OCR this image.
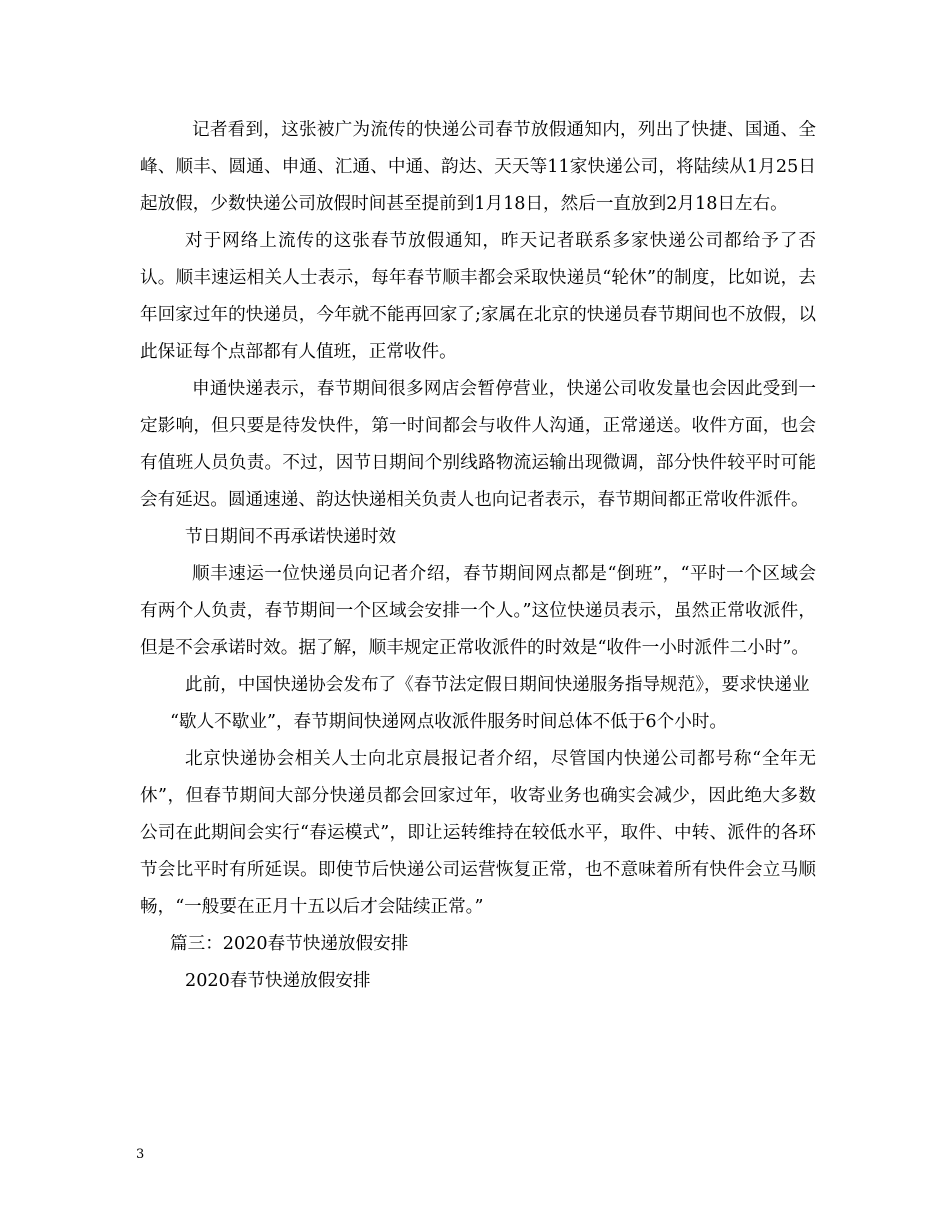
记者看到，这张被广为流传的快递公司春节放假通知内，列出了快捷、国通、全峰、顺丰、圆通、申通、汇通、中通、韵达、天天等11家快递公司，将陆续从1月25日起放假，少数快递公司放假时间甚至提前到1月18日，然后一直放到2月18日左右。

对于网络上流传的这张春节放假通知，昨天记者联系多家快递公司都给予了否认。顺丰速运相关人士表示，每年春节顺丰都会采取快递员“轮休”的制度，比如说，去年回家过年的快递员，今年就不能再回家了;家属在北京的快递员春节期间也不放假，以此保证每个点部都有人值班，正常收件。

申通快递表示，春节期间很多网店会暂停营业，快递公司收发量也会因此受到一定影响，但只要是待发快件，第一时间都会与收件人沟通，正常递送。收件方面，也会有值班人员负责。不过，因节日期间个别线路物流运输出现微调，部分快件较平时可能会有延迟。圆通速递、韵达快递相关负责人也向记者表示，春节期间都正常收件派件。

节日期间不再承诺快递时效

顺丰速运一位快递员向记者介绍，春节期间网点都是“倒班”，“平时一个区域会有两个人负责，春节期间一个区域会安排一个人。”这位快递员表示，虽然正常收派件，但是不会承诺时效。据了解，顺丰规定正常收派件的时效是“收件一小时派件二小时”。

此前，中国快递协会发布了《春节法定假日期间快递服务指导规范》，要求快递业

“歇人不歇业”，春节期间快递网点收派件服务时间总体不低于6个小时。

北京快递协会相关人士向北京晨报记者介绍，尽管国内快递公司都号称“全年无休”，但春节期间大部分快递员都会回家过年，收寄业务也确实会减少，因此绝大多数公司在此期间会实行“春运模式”，即让运转维持在较低水平，取件、中转、派件的各环节会比平时有所延误。即使节后快递公司运营恢复正常，也不意味着所有快件会立马顺畅，“一般要在正月十五以后才会陆续正常。”

篇三：2020春节快递放假安排

2020春节快递放假安排

3
